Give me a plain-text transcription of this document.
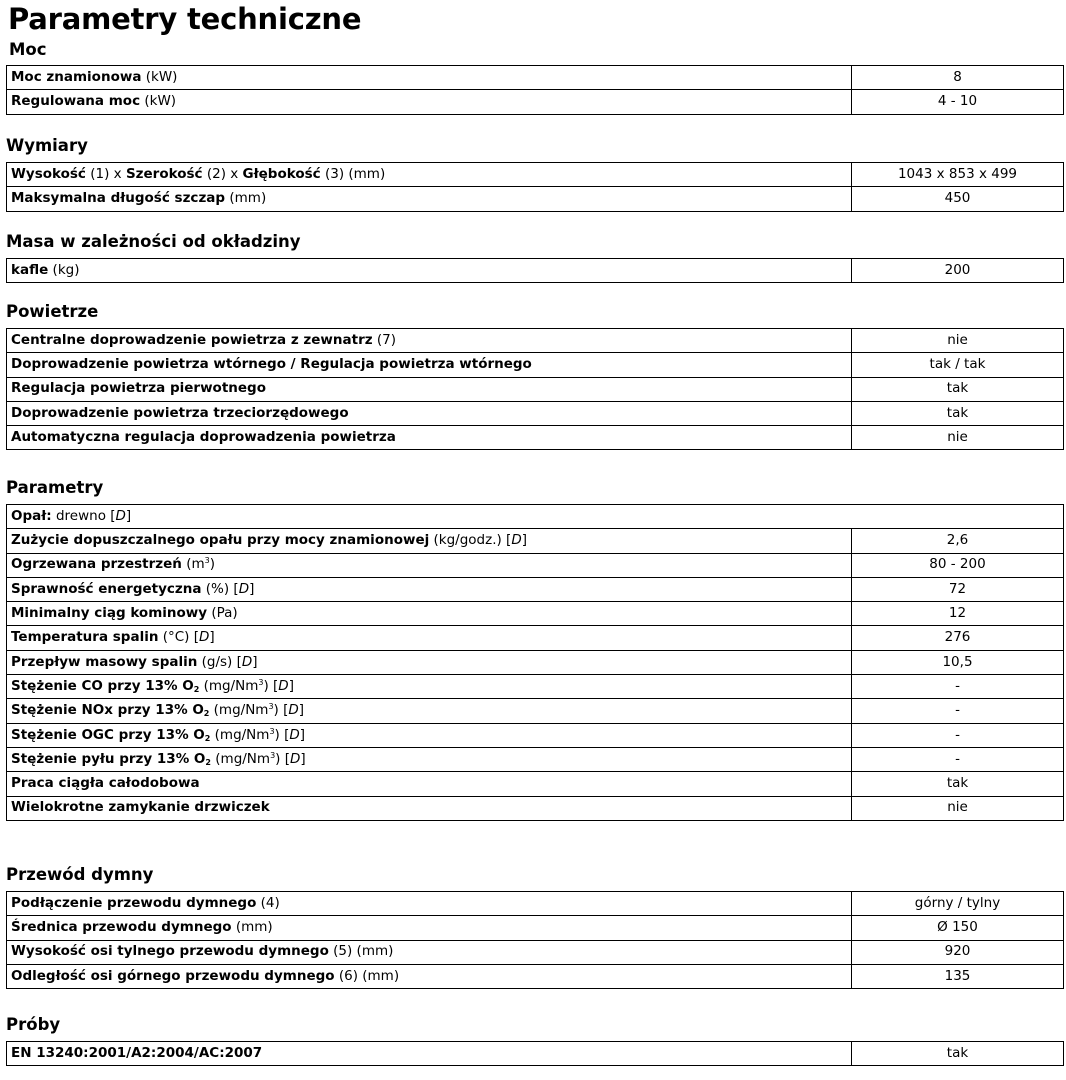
Parametry techniczne
Moc
Moc znamionowa (kW)	8
Regulowana moc (kW)	4 - 10
Wymiary
Wysokość (1) x Szerokość (2) x Głębokość (3) (mm)	1043 x 853 x 499
Maksymalna długość szczap (mm)	450
Masa w zależności od okładziny
kafle (kg)	200
Powietrze
Centralne doprowadzenie powietrza z zewnatrz (7)	nie
Doprowadzenie powietrza wtórnego / Regulacja powietrza wtórnego	tak / tak
Regulacja powietrza pierwotnego	tak
Doprowadzenie powietrza trzeciorzędowego	tak
Automatyczna regulacja doprowadzenia powietrza	nie
Parametry
Opał: drewno [D]	
Zużycie dopuszczalnego opału przy mocy znamionowej (kg/godz.) [D]	2,6
Ogrzewana przestrzeń $(m^3)$	80 - 200
Sprawność energetyczna (%) [D]	72
Minimalny ciąg kominowy (Pa)	12
Temperatura spalin (°C) [D]	276
Przepływ masowy spalin (g/s) [D]	10,5
Stężenie CO przy 13% $O_2$ (mg/Nm$^3$) [D]	-
Stężenie NOx przy 13% $O_2$ (mg/Nm$^3$) [D]	-
Stężenie OGC przy 13% $O_2$ (mg/Nm$^3$) [D]	-
Stężenie pyłu przy 13% $O_2$ (mg/Nm$^3$) [D]	-
Praca ciągła całodobowa	tak
Wielokrotne zamykanie drzwiczek	nie
Przewód dymny
Podłączenie przewodu dymnego (4)	górny / tylny
Średnica przewodu dymnego (mm)	Ø 150
Wysokość osi tylnego przewodu dymnego (5) (mm)	920
Odległość osi górnego przewodu dymnego (6) (mm)	135
Próby
EN 13240:2001/A2:2004/AC:2007	tak
